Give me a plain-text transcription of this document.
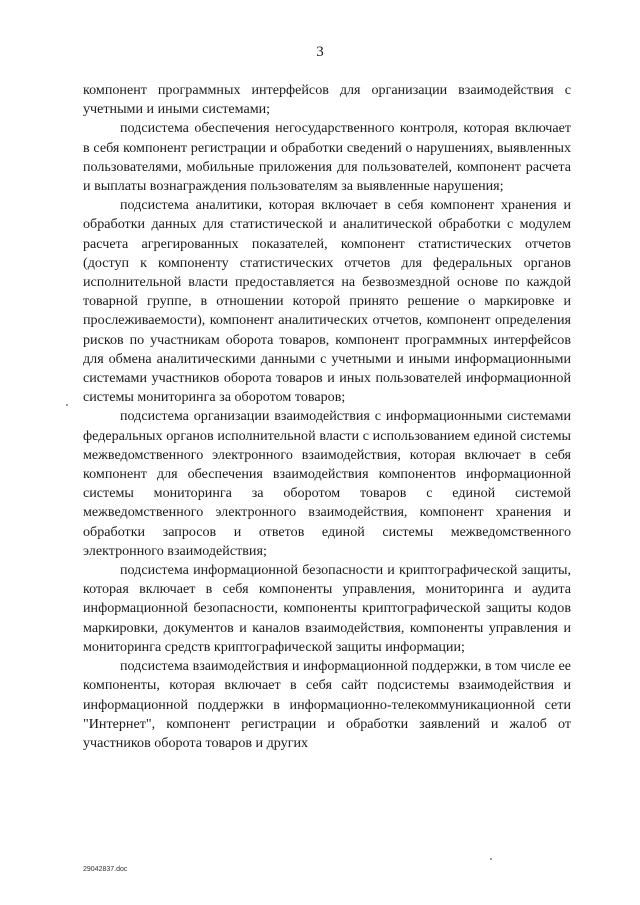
3

компонент программных интерфейсов для организации взаимодействия с учетными и иными системами;

подсистема обеспечения негосударственного контроля, которая включает в себя компонент регистрации и обработки сведений о нарушениях, выявленных пользователями, мобильные приложения для пользователей, компонент расчета и выплаты вознаграждения пользователям за выявленные нарушения;

подсистема аналитики, которая включает в себя компонент хранения и обработки данных для статистической и аналитической обработки с модулем расчета агрегированных показателей, компонент статистических отчетов (доступ к компоненту статистических отчетов для федеральных органов исполнительной власти предоставляется на безвозмездной основе по каждой товарной группе, в отношении которой принято решение о маркировке и прослеживаемости), компонент аналитических отчетов, компонент определения рисков по участникам оборота товаров, компонент программных интерфейсов для обмена аналитическими данными с учетными и иными информационными системами участников оборота товаров и иных пользователей информационной системы мониторинга за оборотом товаров;

подсистема организации взаимодействия с информационными системами федеральных органов исполнительной власти с использованием единой системы межведомственного электронного взаимодействия, которая включает в себя компонент для обеспечения взаимодействия компонентов информационной системы мониторинга за оборотом товаров с единой системой межведомственного электронного взаимодействия, компонент хранения и обработки запросов и ответов единой системы межведомственного электронного взаимодействия;

подсистема информационной безопасности и криптографической защиты, которая включает в себя компоненты управления, мониторинга и аудита информационной безопасности, компоненты криптографической защиты кодов маркировки, документов и каналов взаимодействия, компоненты управления и мониторинга средств криптографической защиты информации;

подсистема взаимодействия и информационной поддержки, в том числе ее компоненты, которая включает в себя сайт подсистемы взаимодействия и информационной поддержки в информационно-телекоммуникационной сети "Интернет", компонент регистрации и обработки заявлений и жалоб от участников оборота товаров и других

29042837.doc
